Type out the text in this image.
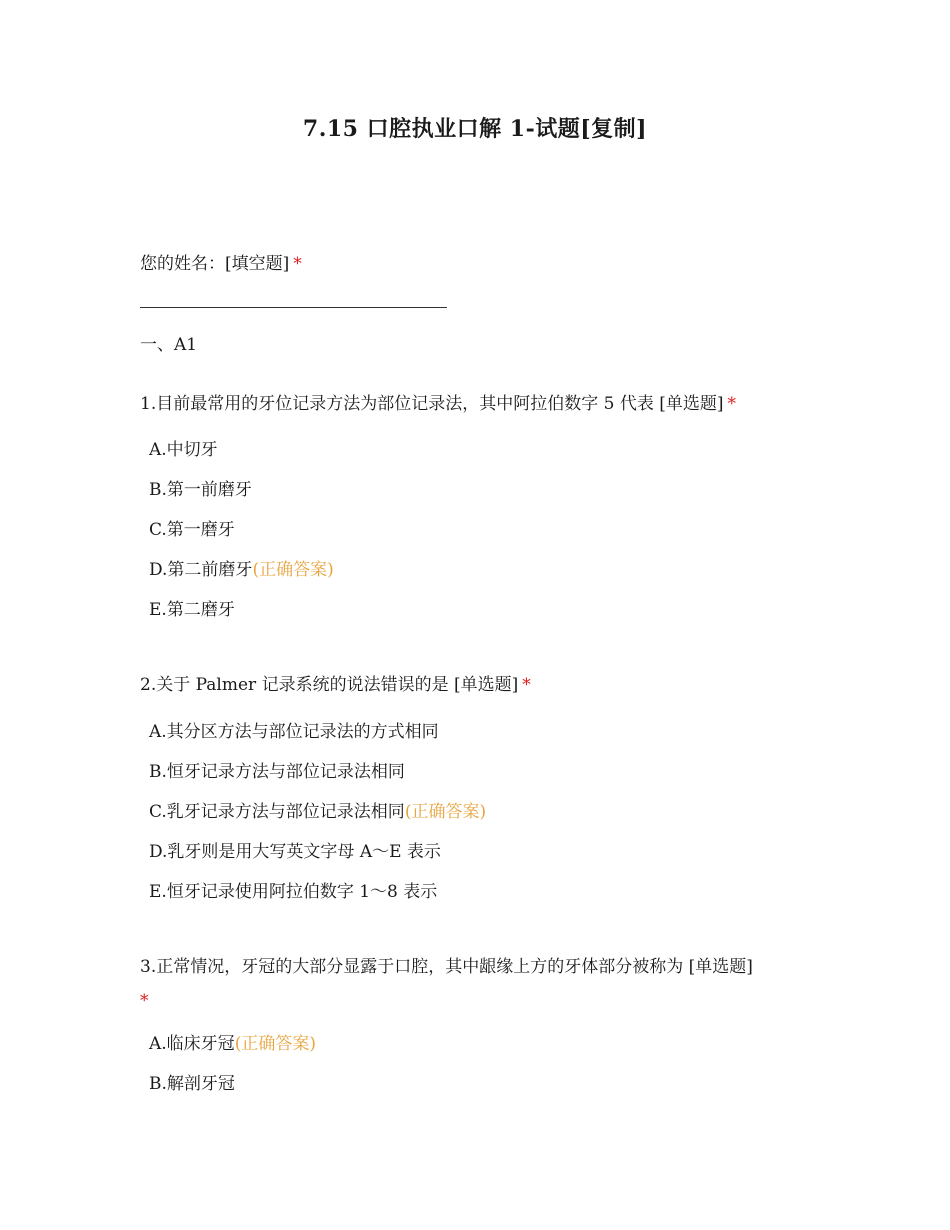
7.15 口腔执业口解 1-试题[复制]
您的姓名：[填空题] *
一、A1
1.目前最常用的牙位记录方法为部位记录法，其中阿拉伯数字 5 代表 [单选题] *
A.中切牙
B.第一前磨牙
C.第一磨牙
D.第二前磨牙(正确答案)
E.第二磨牙
2.关于 Palmer 记录系统的说法错误的是 [单选题] *
A.其分区方法与部位记录法的方式相同
B.恒牙记录方法与部位记录法相同
C.乳牙记录方法与部位记录法相同(正确答案)
D.乳牙则是用大写英文字母 A～E 表示
E.恒牙记录使用阿拉伯数字 1～8 表示
3.正常情况，牙冠的大部分显露于口腔，其中龈缘上方的牙体部分被称为 [单选题]
*
A.临床牙冠(正确答案)
B.解剖牙冠
